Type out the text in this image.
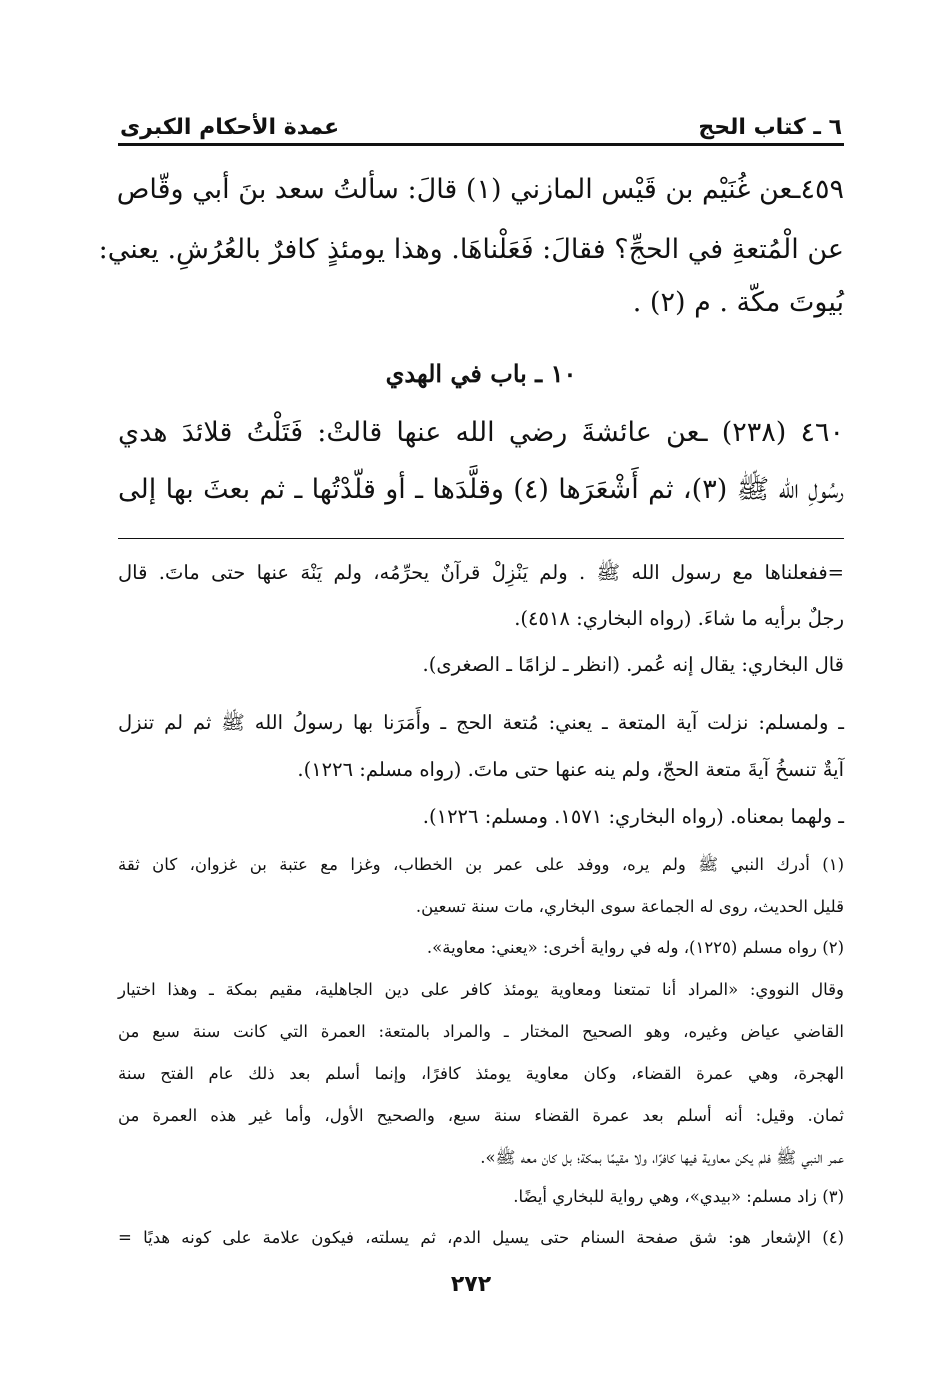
٦ ـ كتاب الحج
عمدة الأحكام الكبرى
٤٥٩ـعن غُنَيْم بن قَيْس المازني (١) قالَ: سألتُ سعد بنَ أبي وقّاص
عن الْمُتعةِ في الحجِّ؟ فقالَ: فَعَلْناهَا. وهذا يومئذٍ كافرٌ بالعُرُشِ. يعني:
بُيوتَ مكّة . م (٢) .
١٠ ـ باب في الهدي
٤٦٠ (٢٣٨) ـعن عائشةَ رضي الله عنها قالتْ: فَتَلْتُ قلائدَ هدي
رسُولِ الله ﷺ (٣)، ثم أَشْعَرَها (٤) وقلَّدَها ـ أو قلّدْتُها ـ ثم بعثَ بها إلى
=ففعلناها مع رسول الله ﷺ . ولم يَنْزِلْ قرآنٌ يحرِّمُه، ولم يَنْهَ عنها حتى ماتَ. قال
رجلٌ برأيه ما شاءَ. (رواه البخاري: ٤٥١٨).
قال البخاري: يقال إنه عُمر. (انظر ـ لزامًا ـ الصغرى).
ـ ولمسلم: نزلت آية المتعة ـ يعني: مُتعة الحج ـ وأَمَرَنا بها رسولُ الله ﷺ ثم لم تنزل
آيةٌ تنسخُ آيةَ متعة الحجّ، ولم ينه عنها حتى ماتَ. (رواه مسلم: ١٢٢٦).
ـ ولهما بمعناه. (رواه البخاري: ١٥٧١. ومسلم: ١٢٢٦).
(١) أدرك النبي ﷺ ولم يره، ووفد على عمر بن الخطاب، وغزا مع عتبة بن غزوان، كان ثقة
قليل الحديث، روى له الجماعة سوى البخاري، مات سنة تسعين.
(٢) رواه مسلم (١٢٢٥)، وله في رواية أخرى: «يعني: معاوية».
وقال النووي: «المراد أنا تمتعنا ومعاوية يومئذ كافر على دين الجاهلية، مقيم بمكة ـ وهذا اختيار
القاضي عياض وغيره، وهو الصحيح المختار ـ والمراد بالمتعة: العمرة التي كانت سنة سبع من
الهجرة، وهي عمرة القضاء، وكان معاوية يومئذ كافرًا، وإنما أسلم بعد ذلك عام الفتح سنة
ثمان. وقيل: أنه أسلم بعد عمرة القضاء سنة سبع، والصحيح الأول، وأما غير هذه العمرة من
عمر النبي ﷺ فلم يكن معاوية فيها كافرًا، ولا مقيمًا بمكة؛ بل كان معه ﷺ».
(٣) زاد مسلم: «بيدي»، وهي رواية للبخاري أيضًا.
(٤) الإشعار هو: شق صفحة السنام حتى يسيل الدم، ثم يسلته، فيكون علامة على كونه هديًا =
٢٧٢
